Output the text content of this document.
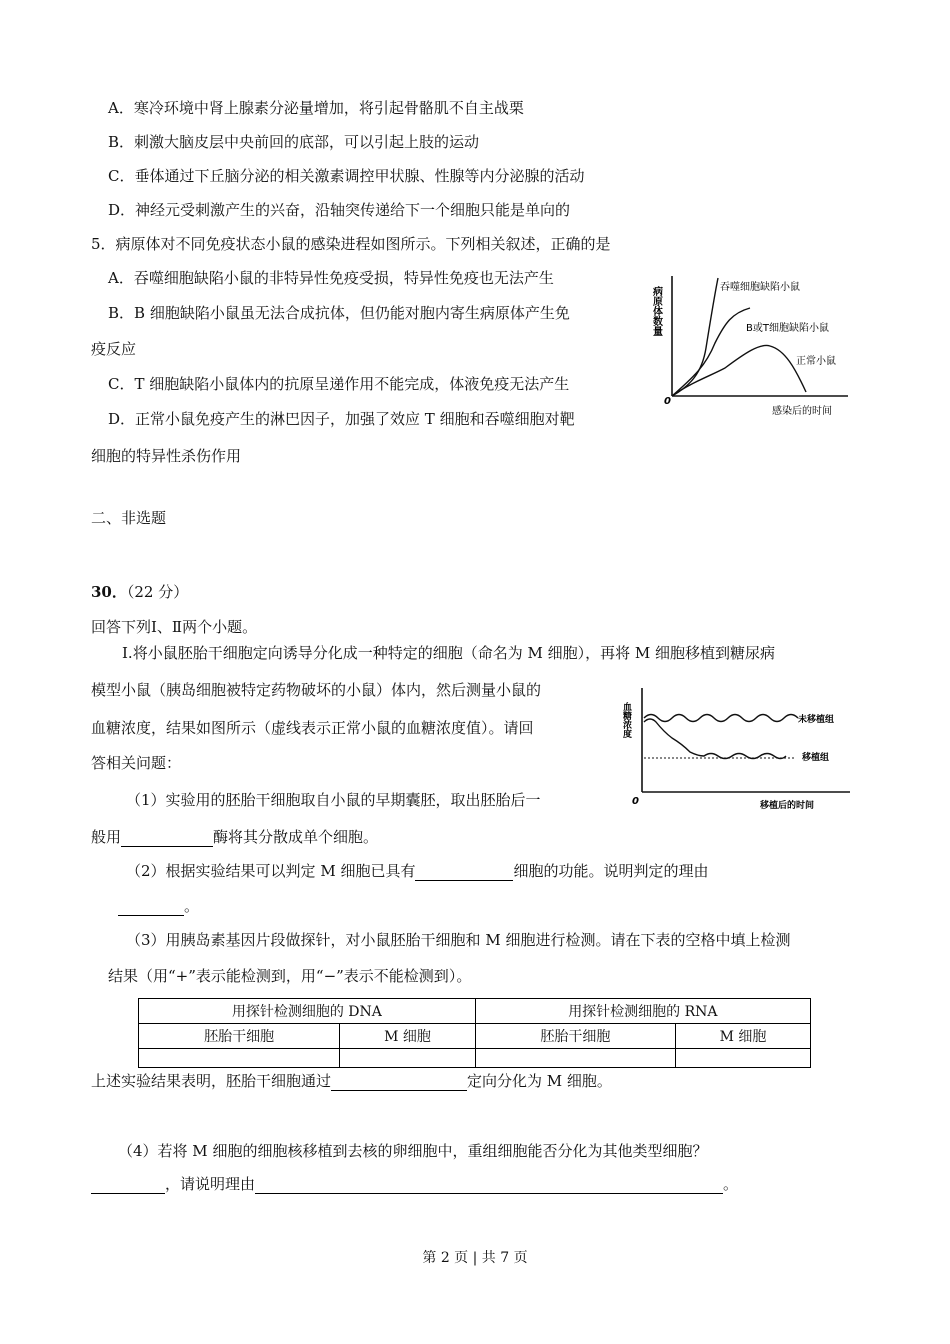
A．寒冷环境中肾上腺素分泌量增加，将引起骨骼肌不自主战栗
B．刺激大脑皮层中央前回的底部，可以引起上肢的运动
C．垂体通过下丘脑分泌的相关激素调控甲状腺、性腺等内分泌腺的活动
D．神经元受刺激产生的兴奋，沿轴突传递给下一个细胞只能是单向的
5．病原体对不同免疫状态小鼠的感染进程如图所示。下列相关叙述，正确的是
A．吞噬细胞缺陷小鼠的非特异性免疫受损，特异性免疫也无法产生
B．B 细胞缺陷小鼠虽无法合成抗体，但仍能对胞内寄生病原体产生免
疫反应
C．T 细胞缺陷小鼠体内的抗原呈递作用不能完成，体液免疫无法产生
D．正常小鼠免疫产生的淋巴因子，加强了效应 T 细胞和吞噬细胞对靶
细胞的特异性杀伤作用
病原体数量
0
感染后的时间
吞噬细胞缺陷小鼠
B或T细胞缺陷小鼠
正常小鼠
二、非选题
30．（22 分）
回答下列Ⅰ、Ⅱ两个小题。
I.将小鼠胚胎干细胞定向诱导分化成一种特定的细胞（命名为 M 细胞），再将 M 细胞移植到糖尿病
模型小鼠（胰岛细胞被特定药物破坏的小鼠）体内，然后测量小鼠的
血糖浓度，结果如图所示（虚线表示正常小鼠的血糖浓度值）。请回
答相关问题：
（1）实验用的胚胎干细胞取自小鼠的早期囊胚，取出胚胎后一
般用	酶将其分散成单个细胞。
（2）根据实验结果可以判定 M 细胞已具有	细胞的功能。说明判定的理由
。
（3）用胰岛素基因片段做探针，对小鼠胚胎干细胞和 M 细胞进行检测。请在下表的空格中填上检测
结果（用“+”表示能检测到，用“−”表示不能检测到）。
血糖浓度
0	移植后的时间
未移植组
移植组
用探针检测细胞的 DNA		用探针检测细胞的 RNA	
胚胎干细胞	M 细胞	胚胎干细胞	M 细胞

上述实验结果表明，胚胎干细胞通过	定向分化为 M 细胞。
（4）若将 M 细胞的细胞核移植到去核的卵细胞中，重组细胞能否分化为其他类型细胞？
，请说明理由	。
第 2 页 | 共 7 页
